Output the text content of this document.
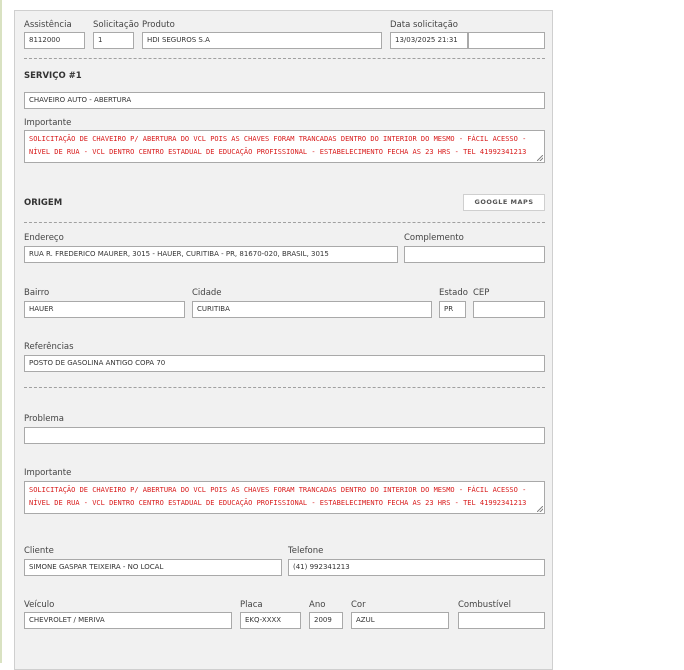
Assistência
8112000
Solicitação
1
Produto
HDI SEGUROS S.A
Data solicitação
13/03/2025 21:31
SERVIÇO #1
CHAVEIRO AUTO - ABERTURA
Importante
SOLICITAÇÃO DE CHAVEIRO P/ ABERTURA DO VCL POIS AS CHAVES FORAM TRANCADAS DENTRO DO INTERIOR DO MESMO - FÁCIL ACESSO - NÍVEL DE RUA - VCL DENTRO CENTRO ESTADUAL DE EDUCAÇÃO PROFISSIONAL - ESTABELECIMENTO FECHA AS 23 HRS - TEL 41992341213
ORIGEM	GOOGLE MAPS
Endereço
RUA R. FREDERICO MAURER, 3015 - HAUER, CURITIBA - PR, 81670-020, BRASIL, 3015
Complemento
Bairro
HAUER
Cidade
CURITIBA
Estado
PR
CEP
Referências
POSTO DE GASOLINA ANTIGO COPA 70
Problema
Importante
SOLICITAÇÃO DE CHAVEIRO P/ ABERTURA DO VCL POIS AS CHAVES FORAM TRANCADAS DENTRO DO INTERIOR DO MESMO - FÁCIL ACESSO - NÍVEL DE RUA - VCL DENTRO CENTRO ESTADUAL DE EDUCAÇÃO PROFISSIONAL - ESTABELECIMENTO FECHA AS 23 HRS - TEL 41992341213
Cliente
SIMONE GASPAR TEIXEIRA - NO LOCAL
Telefone
(41) 992341213
Veículo
CHEVROLET / MERIVA
Placa
EKQ-XXXX
Ano
2009
Cor
AZUL
Combustível
